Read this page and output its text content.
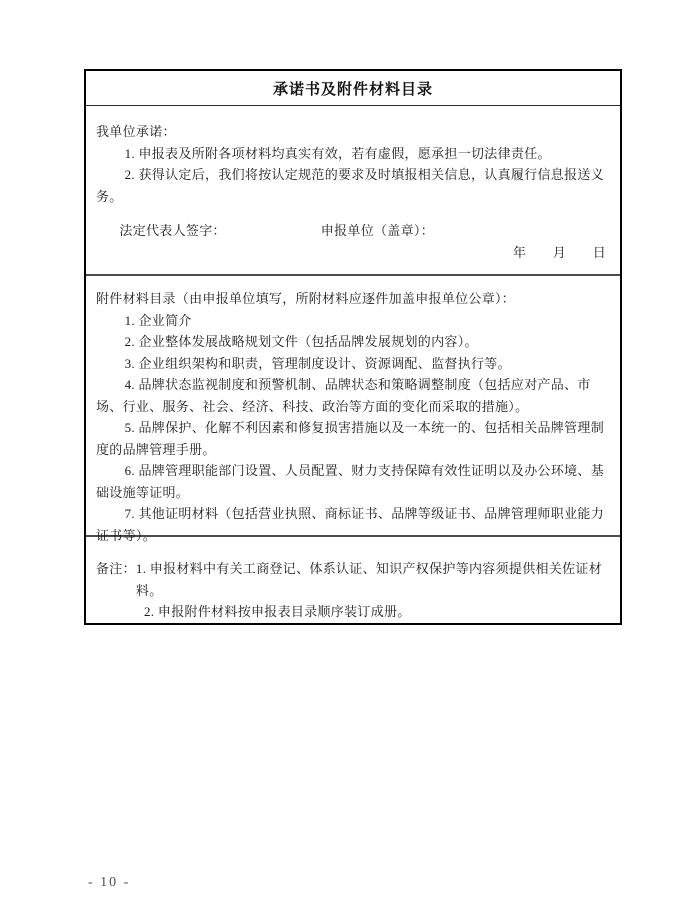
承诺书及附件材料目录

我单位承诺：

1. 申报表及所附各项材料均真实有效，若有虚假，愿承担一切法律责任。

2. 获得认定后，我们将按认定规范的要求及时填报相关信息，认真履行信息报送义务。

法定代表人签字：	申报单位（盖章）：
年　　月　　日

附件材料目录（由申报单位填写，所附材料应逐件加盖申报单位公章）：

1. 企业简介

2. 企业整体发展战略规划文件（包括品牌发展规划的内容）。

3. 企业组织架构和职责，管理制度设计、资源调配、监督执行等。

4. 品牌状态监视制度和预警机制、品牌状态和策略调整制度（包括应对产品、市场、行业、服务、社会、经济、科技、政治等方面的变化而采取的措施）。

5. 品牌保护、化解不利因素和修复损害措施以及一本统一的、包括相关品牌管理制度的品牌管理手册。

6. 品牌管理职能部门设置、人员配置、财力支持保障有效性证明以及办公环境、基础设施等证明。

7. 其他证明材料（包括营业执照、商标证书、品牌等级证书、品牌管理师职业能力证书等）。

备注： 1. 申报材料中有关工商登记、体系认证、知识产权保护等内容须提供相关佐证材料。

2. 申报附件材料按申报表目录顺序装订成册。

- 10 -
